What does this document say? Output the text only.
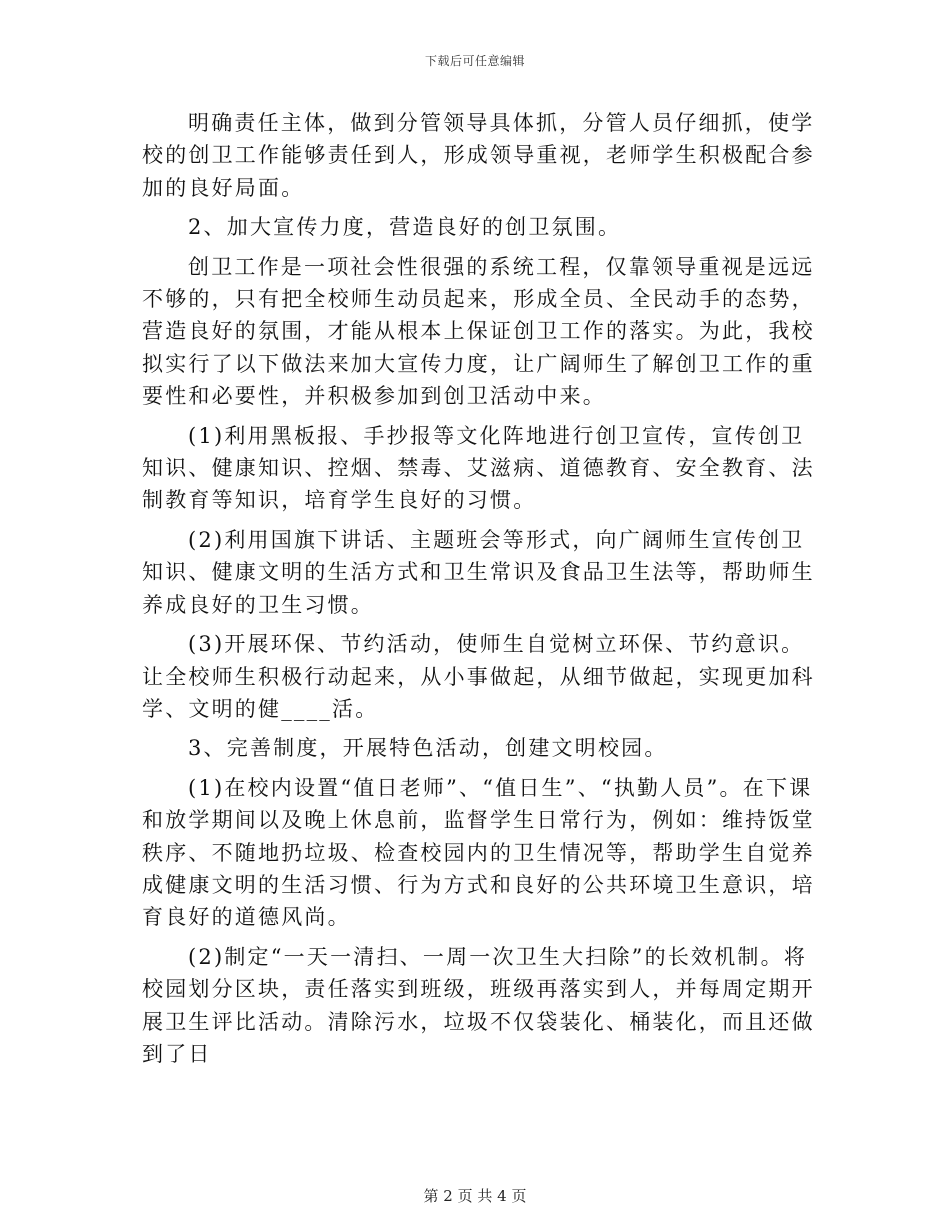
下载后可任意编辑

明确责任主体，做到分管领导具体抓，分管人员仔细抓，使学校的创卫工作能够责任到人，形成领导重视，老师学生积极配合参加的良好局面。

2、加大宣传力度，营造良好的创卫氛围。

创卫工作是一项社会性很强的系统工程，仅靠领导重视是远远不够的，只有把全校师生动员起来，形成全员、全民动手的态势，营造良好的氛围，才能从根本上保证创卫工作的落实。为此，我校拟实行了以下做法来加大宣传力度，让广阔师生了解创卫工作的重要性和必要性，并积极参加到创卫活动中来。

(1)利用黑板报、手抄报等文化阵地进行创卫宣传，宣传创卫知识、健康知识、控烟、禁毒、艾滋病、道德教育、安全教育、法制教育等知识，培育学生良好的习惯。

(2)利用国旗下讲话、主题班会等形式，向广阔师生宣传创卫知识、健康文明的生活方式和卫生常识及食品卫生法等，帮助师生养成良好的卫生习惯。

(3)开展环保、节约活动，使师生自觉树立环保、节约意识。让全校师生积极行动起来，从小事做起，从细节做起，实现更加科学、文明的健____活。

3、完善制度，开展特色活动，创建文明校园。

(1)在校内设置“值日老师”、“值日生”、“执勤人员”。在下课和放学期间以及晚上休息前，监督学生日常行为，例如：维持饭堂秩序、不随地扔垃圾、检查校园内的卫生情况等，帮助学生自觉养成健康文明的生活习惯、行为方式和良好的公共环境卫生意识，培育良好的道德风尚。

(2)制定“一天一清扫、一周一次卫生大扫除”的长效机制。将校园划分区块，责任落实到班级，班级再落实到人，并每周定期开展卫生评比活动。清除污水，垃圾不仅袋装化、桶装化，而且还做到了日

第 2 页 共 4 页
